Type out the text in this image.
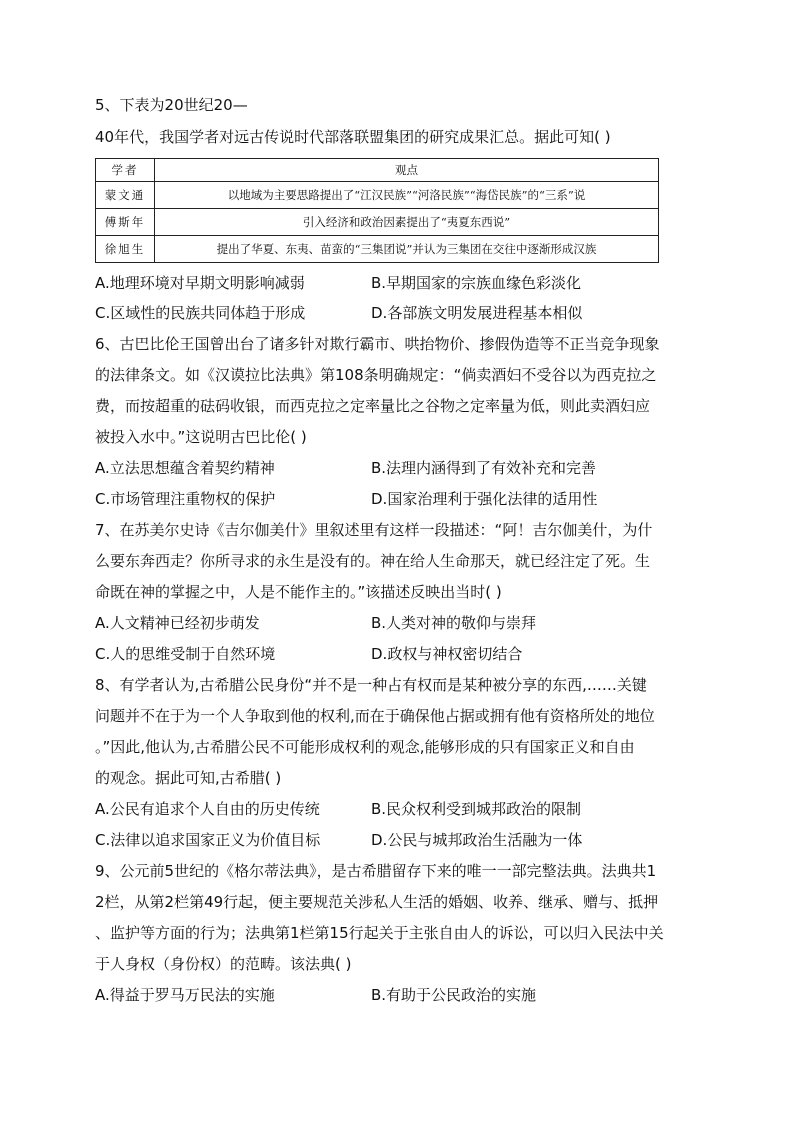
5、下表为20世纪20—
40年代，我国学者对远古传说时代部落联盟集团的研究成果汇总。据此可知( )
学者	观点
蒙文通	以地域为主要思路提出了“江汉民族”“河洛民族”“海岱民族”的“三系”说
傅斯年	引入经济和政治因素提出了“夷夏东西说”
徐旭生	提出了华夏、东夷、苗蛮的“三集团说”并认为三集团在交往中逐渐形成汉族
A.地理环境对早期文明影响减弱	B.早期国家的宗族血缘色彩淡化
C.区域性的民族共同体趋于形成	D.各部族文明发展进程基本相似
6、古巴比伦王国曾出台了诸多针对欺行霸市、哄抬物价、掺假伪造等不正当竞争现象
的法律条文。如《汉谟拉比法典》第108条明确规定：“倘卖酒妇不受谷以为西克拉之
费，而按超重的砝码收银，而西克拉之定率量比之谷物之定率量为低，则此卖酒妇应
被投入水中。”这说明古巴比伦( )
A.立法思想蕴含着契约精神	B.法理内涵得到了有效补充和完善
C.市场管理注重物权的保护	D.国家治理利于强化法律的适用性
7、在苏美尔史诗《吉尔伽美什》里叙述里有这样一段描述：“阿！吉尔伽美什，为什
么要东奔西走？你所寻求的永生是没有的。神在给人生命那天，就已经注定了死。生
命既在神的掌握之中，人是不能作主的。”该描述反映出当时( )
A.人文精神已经初步萌发	B.人类对神的敬仰与崇拜
C.人的思维受制于自然环境	D.政权与神权密切结合
8、有学者认为,古希腊公民身份“并不是一种占有权而是某种被分享的东西,……关键
问题并不在于为一个人争取到他的权利,而在于确保他占据或拥有他有资格所处的地位
。”因此,他认为,古希腊公民不可能形成权利的观念,能够形成的只有国家正义和自由
的观念。据此可知,古希腊( )
A.公民有追求个人自由的历史传统	B.民众权利受到城邦政治的限制
C.法律以追求国家正义为价值目标	D.公民与城邦政治生活融为一体
9、公元前5世纪的《格尔蒂法典》，是古希腊留存下来的唯一一部完整法典。法典共1
2栏，从第2栏第49行起，便主要规范关涉私人生活的婚姻、收养、继承、赠与、抵押
、监护等方面的行为；法典第1栏第15行起关于主张自由人的诉讼，可以归入民法中关
于人身权（身份权）的范畴。该法典( )
A.得益于罗马万民法的实施	B.有助于公民政治的实施
